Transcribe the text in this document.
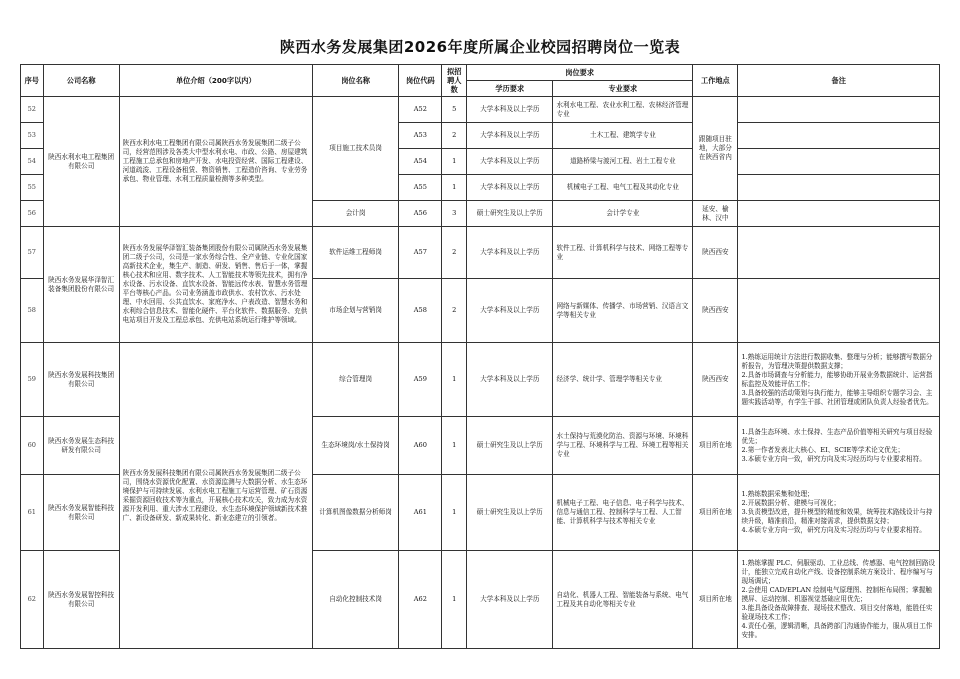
陕西水务发展集团2026年度所属企业校园招聘岗位一览表
序号	公司名称	单位介绍（200字以内）	岗位名称	岗位代码	拟招聘人数	岗位要求		工作地点	备注
						学历要求	专业要求		
52	陕西水利水电工程集团有限公司	陕西水利水电工程集团有限公司属陕西水务发展集团二级子公司，经营范围涉及各类大中型水利水电、市政、公路、房屋建筑工程施工总承包和房地产开发、水电投资经营、国际工程建设、河道疏浚、工程设备租赁、物资销售、工程造价咨询、专业劳务承包、物业管理、水利工程质量检测等多种类型。	项目施工技术员岗	A52	5	大学本科及以上学历	水利水电工程、农业水利工程、农林经济管理专业	跟随项目驻地，大部分在陕西省内	
53				A53	2	大学本科及以上学历	土木工程、建筑学专业		
54				A54	1	大学本科及以上学历	道路桥梁与渡河工程、岩土工程专业		
55				A55	1	大学本科及以上学历	机械电子工程、电气工程及其动化专业		
56			会计岗	A56	3	硕士研究生及以上学历	会计学专业	延安、榆林、汉中	
57	陕西水务发展华泽智汇装备集团股份有限公司	陕西水务发展华泽智汇装备集团股份有限公司属陕西水务发展集团二级子公司，公司是一家水务综合性、全产业链、专业化国家高新技术企业，集生产、制造、研发、销售、售后于一体，掌握核心技术和应用、数字技术、人工智能技术等领先技术，拥有净水设备、污水设备、直饮水设备、智能远传水表、智慧水务管理平台等核心产品。公司业务涵盖市政供水、农村饮水、污水处理、中水回用、公共直饮水、家庭净水、户表改造、智慧水务和水利综合信息技术、智能化硬件、平台化软件、数据服务、充供电站项目开发及工程总承包、充供电站系统运行维护等领域。	软件运维工程师岗	A57	2	大学本科及以上学历	软件工程、计算机科学与技术、网络工程等专业	陕西西安	
58			市场企划与营销岗	A58	2	大学本科及以上学历	网络与新媒体、传播学、市场营销、汉语言文学等相关专业	陕西西安	
59	陕西水务发展科技集团有限公司	陕西水务发展科技集团有限公司属陕西水务发展集团二级子公司，围绕水资源优化配置、水资源监测与大数据分析、水生态环境保护与可持续发展、水利水电工程施工与运营管理、矿石资源采掘资源回收技术等为重点，开展核心技术攻关，致力成为水资源开发利用、重大涉水工程建设、水生态环境保护领域新技术推广、新设备研发、新成果转化、新业态建立的引领者。	综合管理岗	A59	1	大学本科及以上学历	经济学、统计学、管理学等相关专业	陕西西安	1.熟练运用统计方法进行数据收集、整理与分析；能够撰写数据分析报告，为管理决策提供数据支撑；
2.具备市场调查与分析能力，能够协助开展业务数据统计、运营指标监控及效能评估工作；
3.具备较强的活动策划与执行能力，能够主导组织专题学习会、主题实践活动等，有学生干部、社团管理或团队负责人经验者优先。
60	陕西水务发展生态科技研发有限公司		生态环境岗/水土保持岗	A60	1	硕士研究生及以上学历	水土保持与荒漠化防治、资源与环境、环境科学与工程、环境科学与工程、环境工程等相关专业	项目所在地	1.具备生态环境、水土保持、生态产品价值等相关研究与项目经验优先；
2.第一作者发表北大核心、EI、SCIE等学术论文优先；
3.本硕专业方向一致，研究方向及实习经历均与专业要求相符。
61	陕西水务发展智能科技有限公司		计算机图像数据分析师岗	A61	1	硕士研究生及以上学历	机械电子工程、电子信息、电子科学与技术、信息与通信工程、控制科学与工程、人工智能、计算机科学与技术等相关专业	项目所在地	1.熟练数据采集和处理；
2.开展数据分析、建模与可视化；
3.负责模型改进，提升模型的精度和效果，统筹技术路线设计与持续升级，瞄准前沿，精准对接需求，提供数据支持；
4.本硕专业方向一致，研究方向及实习经历均与专业要求相符。
62	陕西水务发展智控科技有限公司		自动化控制技术岗	A62	1	大学本科及以上学历	自动化、机器人工程、智能装备与系统、电气工程及其自动化等相关专业	项目所在地	1.熟练掌握 PLC、伺服驱动、工业总线、传感器、电气控制回路设计，能独立完成自动化产线、设备控制系统方案设计、程序编写与现场调试；
2.会使用 CAD/EPLAN 绘制电气原理图、控制柜布局图；掌握触摸屏、运动控制、机器视觉基础应用优先；
3.能具备设备故障排查、现场技术整改、项目交付落地，能胜任实验现场技术工作；
4.责任心强，逻辑清晰，具备跨部门沟通协作能力，服从项目工作安排。
